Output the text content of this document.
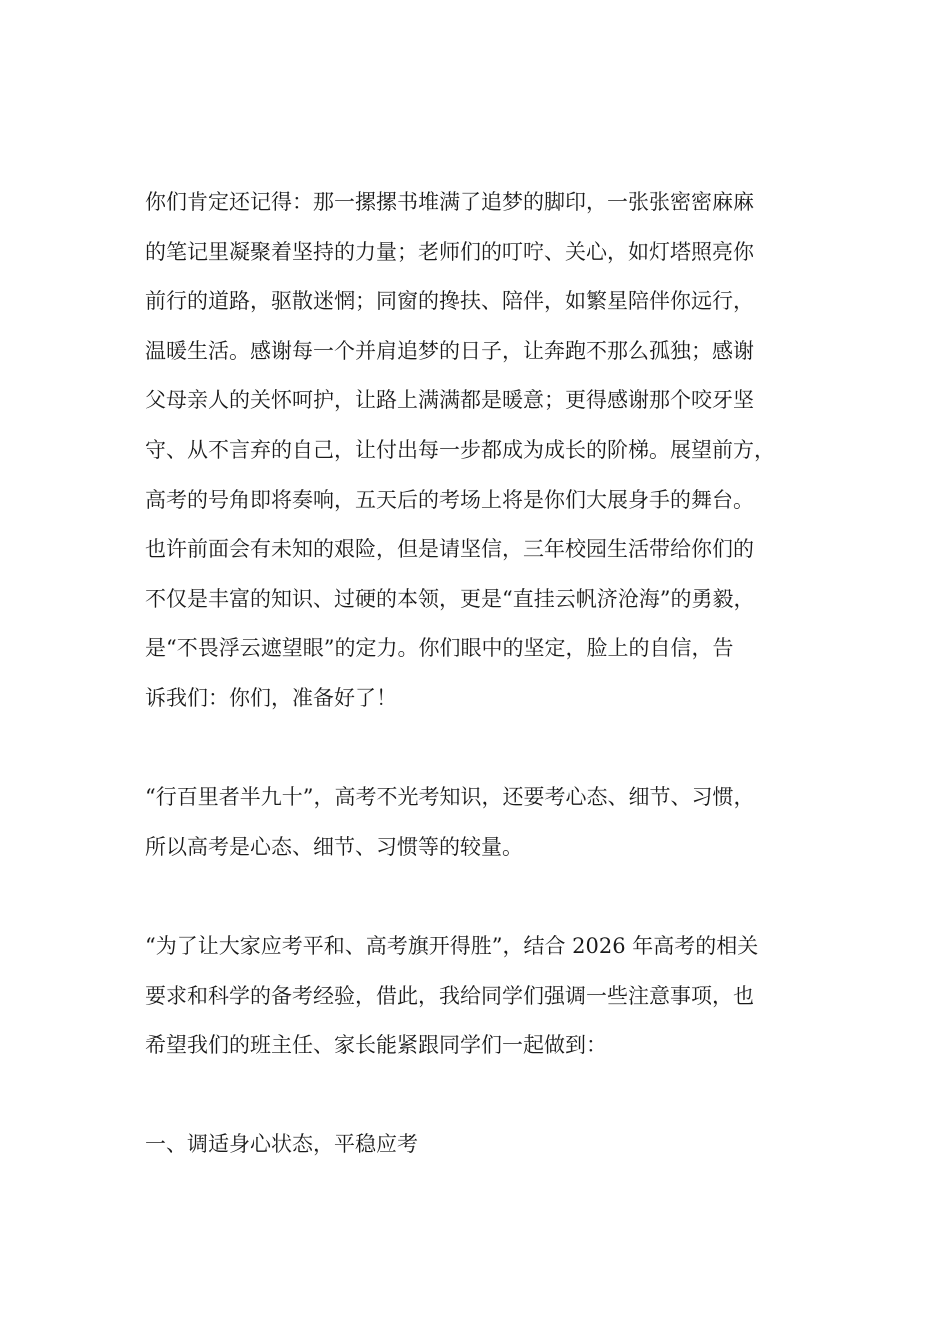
你们肯定还记得：那一摞摞书堆满了追梦的脚印，一张张密密麻麻
的笔记里凝聚着坚持的力量；老师们的叮咛、关心，如灯塔照亮你
前行的道路，驱散迷惘；同窗的搀扶、陪伴，如繁星陪伴你远行，
温暖生活。感谢每一个并肩追梦的日子，让奔跑不那么孤独；感谢
父母亲人的关怀呵护，让路上满满都是暖意；更得感谢那个咬牙坚
守、从不言弃的自己，让付出每一步都成为成长的阶梯。展望前方，
高考的号角即将奏响，五天后的考场上将是你们大展身手的舞台。
也许前面会有未知的艰险，但是请坚信，三年校园生活带给你们的
不仅是丰富的知识、过硬的本领，更是“直挂云帆济沧海”的勇毅，
是“不畏浮云遮望眼”的定力。你们眼中的坚定，脸上的自信，告
诉我们：你们，准备好了！
“行百里者半九十”，高考不光考知识，还要考心态、细节、习惯，
所以高考是心态、细节、习惯等的较量。
“为了让大家应考平和、高考旗开得胜”，结合 2026 年高考的相关
要求和科学的备考经验，借此，我给同学们强调一些注意事项，也
希望我们的班主任、家长能紧跟同学们一起做到：
一、调适身心状态，平稳应考
